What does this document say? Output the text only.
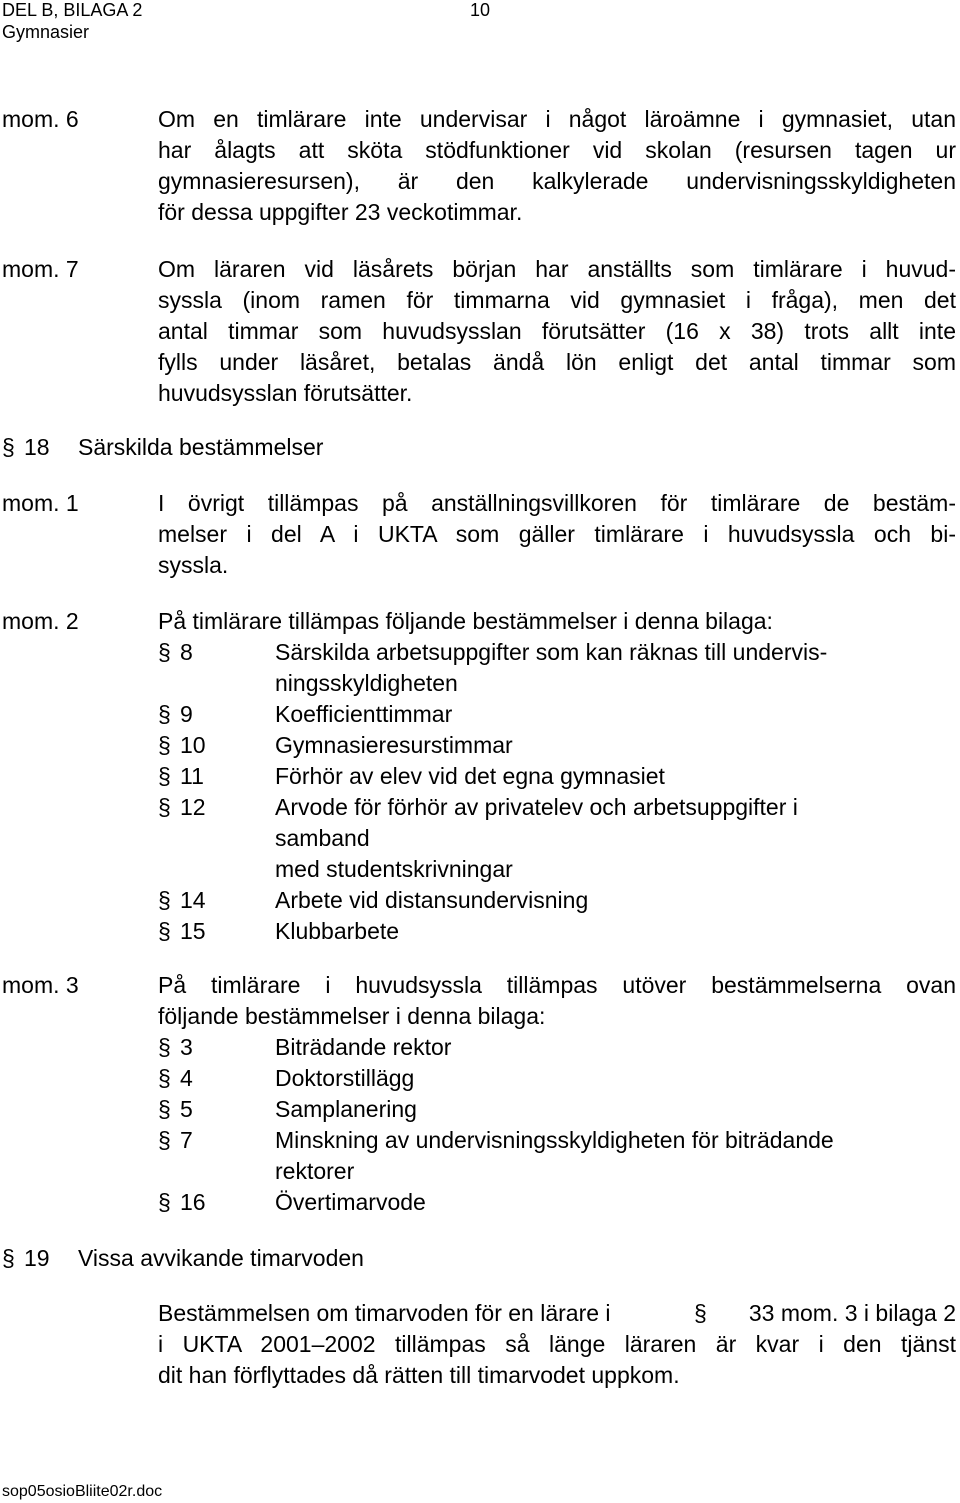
DEL B, BILAGA 2
Gymnasier
10
mom. 6	Om en timlärare inte undervisar i något läroämne i gymnasiet, utan
har ålagts att sköta stödfunktioner vid skolan (resursen tagen ur
gymnasieresursen), är den kalkylerade undervisningsskyldigheten
för dessa uppgifter 23 veckotimmar.
mom. 7	Om läraren vid läsårets början har anställts som timlärare i huvud-
syssla (inom ramen för timmarna vid gymnasiet i fråga), men det
antal timmar som huvudsysslan förutsätter (16 x 38) trots allt inte
fylls under läsåret, betalas ändå lön enligt det antal timmar som
huvudsysslan förutsätter.
§ 18 Särskilda bestämmelser
mom. 1	I övrigt tillämpas på anställningsvillkoren för timlärare de bestäm-
melser i del A i UKTA som gäller timlärare i huvudsyssla och bi-
syssla.
mom. 2	På timlärare tillämpas följande bestämmelser i denna bilaga:
§ 8	Särskilda arbetsuppgifter som kan räknas till undervis-
ningsskyldigheten
§ 9	Koefficienttimmar
§ 10	Gymnasieresurstimmar
§ 11	Förhör av elev vid det egna gymnasiet
§ 12	Arvode för förhör av privatelev och arbetsuppgifter i
samband
med studentskrivningar
§ 14	Arbete vid distansundervisning
§ 15	Klubbarbete
mom. 3	På timlärare i huvudsyssla tillämpas utöver bestämmelserna ovan
följande bestämmelser i denna bilaga:
§ 3	Biträdande rektor
§ 4	Doktorstillägg
§ 5	Samplanering
§ 7	Minskning av undervisningsskyldigheten för biträdande
rektorer
§ 16	Övertimarvode
§ 19 Vissa avvikande timarvoden
Bestämmelsen om timarvoden för en lärare i	§ 33 mom. 3 i bilaga 2
i UKTA 2001–2002 tillämpas så länge läraren är kvar i den tjänst
dit han förflyttades då rätten till timarvodet uppkom.
sop05osioBliite02r.doc
